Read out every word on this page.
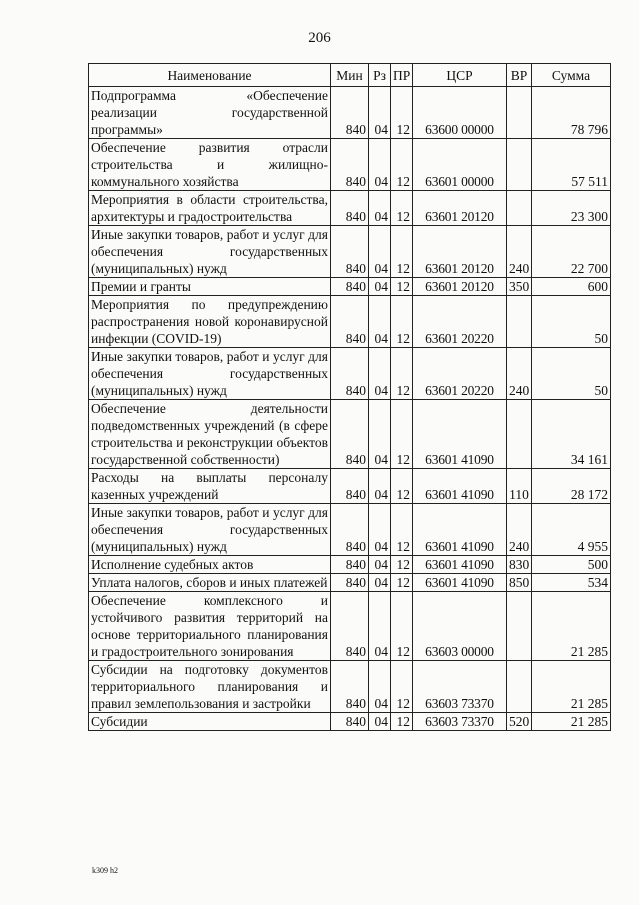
206
Наименование	Мин	Рз	ПР	ЦСР	ВР	Сумма
Подпрограмма «Обеспечение реализации государственной программы»	840	04	12	63600 00000		78 796
Обеспечение развития отрасли строительства и жилищно-коммунального хозяйства	840	04	12	63601 00000		57 511
Мероприятия в области строительства, архитектуры и градостроительства	840	04	12	63601 20120		23 300
Иные закупки товаров, работ и услуг для обеспечения государственных (муниципальных) нужд	840	04	12	63601 20120	240	22 700
Премии и гранты	840	04	12	63601 20120	350	600
Мероприятия по предупреждению распространения новой коронавирусной инфекции (COVID-19)	840	04	12	63601 20220		50
Иные закупки товаров, работ и услуг для обеспечения государственных (муниципальных) нужд	840	04	12	63601 20220	240	50
Обеспечение деятельности подведомственных учреждений (в сфере строительства и реконструкции объектов государственной собственности)	840	04	12	63601 41090		34 161
Расходы на выплаты персоналу казенных учреждений	840	04	12	63601 41090	110	28 172
Иные закупки товаров, работ и услуг для обеспечения государственных (муниципальных) нужд	840	04	12	63601 41090	240	4 955
Исполнение судебных актов	840	04	12	63601 41090	830	500
Уплата налогов, сборов и иных платежей	840	04	12	63601 41090	850	534
Обеспечение комплексного и устойчивого развития территорий на основе территориального планирования и градостроительного зонирования	840	04	12	63603 00000		21 285
Субсидии на подготовку документов территориального планирования и правил землепользования и застройки	840	04	12	63603 73370		21 285
Субсидии	840	04	12	63603 73370	520	21 285
k309 h2
